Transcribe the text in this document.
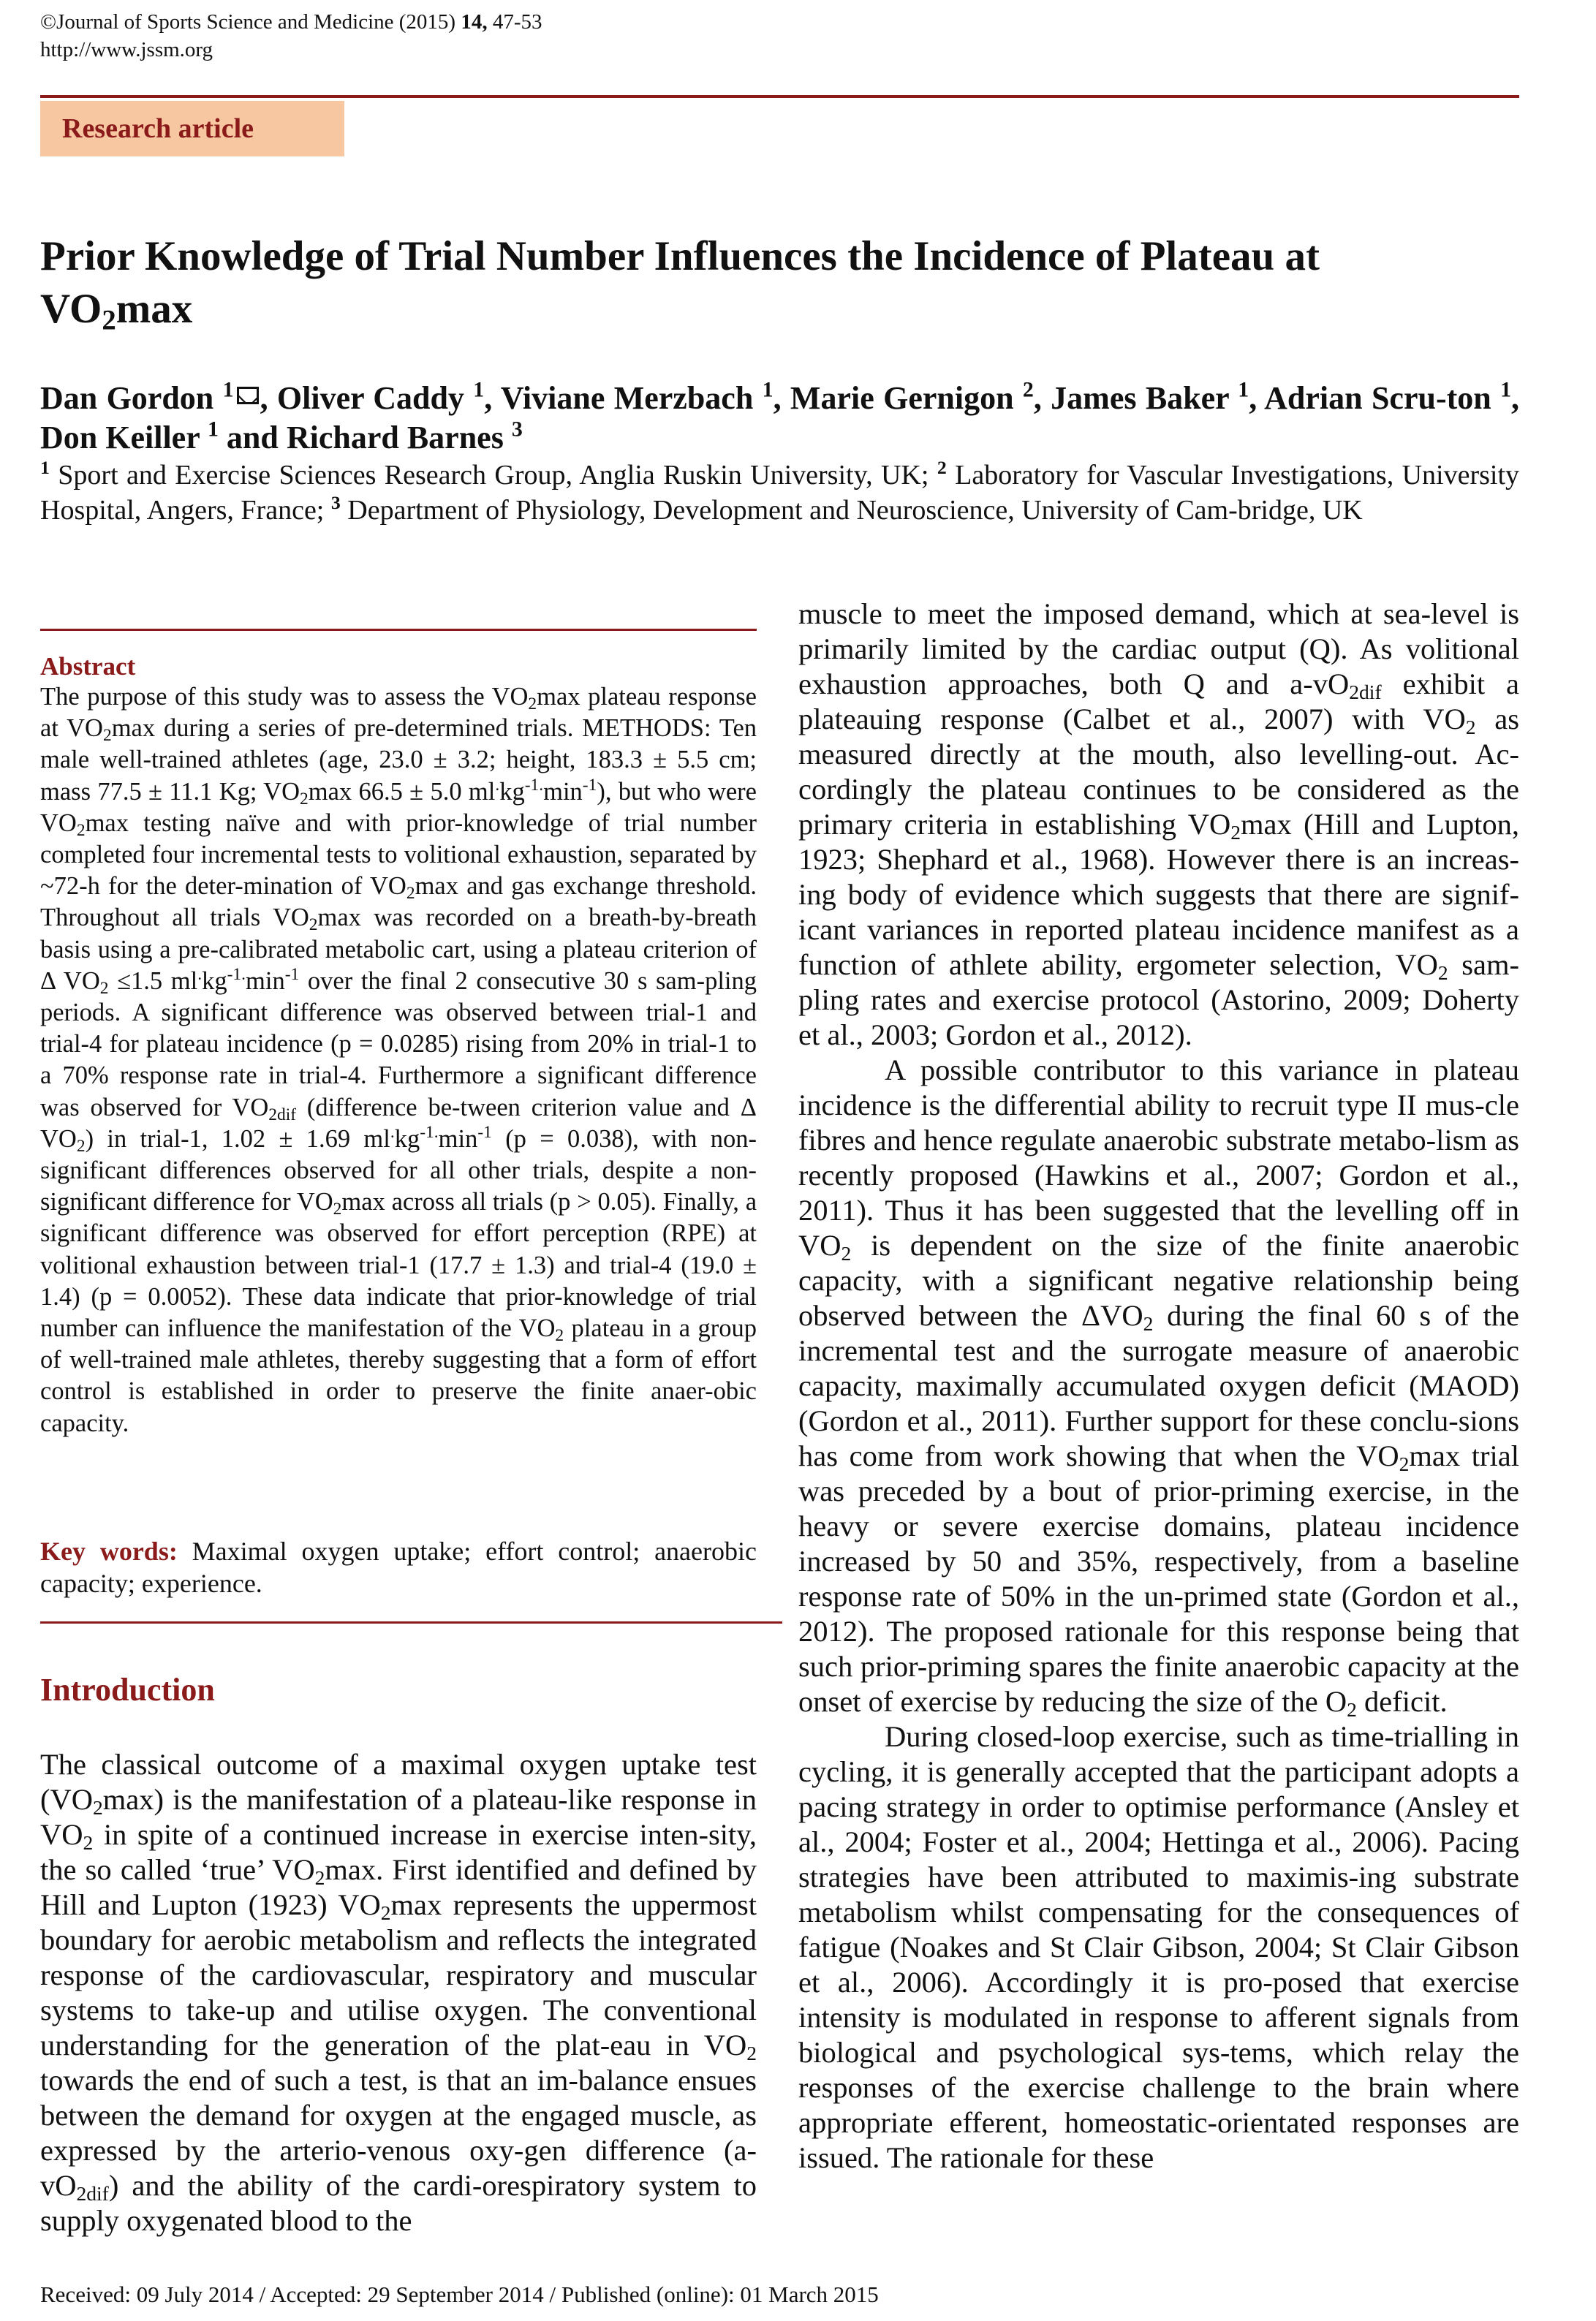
©Journal of Sports Science and Medicine (2015) 14, 47-53
http://www.jssm.org
Research article
Prior Knowledge of Trial Number Influences the Incidence of Plateau at
$VO_2\max$
Dan Gordon $^1$ , Oliver Caddy $^1$, Viviane Merzbach $^1$, Marie Gernigon $^2$, James Baker $^1$, Adrian Scru-ton $^1$, Don Keiller $^1$ and Richard Barnes $^3$
$^1$ Sport and Exercise Sciences Research Group, Anglia Ruskin University, UK; $^2$ Laboratory for Vascular Investigations, University Hospital, Angers, France; $^3$ Department of Physiology, Development and Neuroscience, University of Cam-bridge, UK
Abstract
The purpose of this study was to assess the $VO_2\max$ plateau response at $VO_2\max$ during a series of pre-determined trials. METHODS: Ten male well-trained athletes (age, 23.0 ± 3.2; height, 183.3 ± 5.5 cm; mass 77.5 ± 11.1 Kg; $VO_2\max$ 66.5 ± 5.0 $ml^.kg^{-1.}\min^{-1}$), but who were $VO_2\max$ testing naïve and with prior-knowledge of trial number completed four incremental tests to volitional exhaustion, separated by ~72-h for the deter-mination of $VO_2\max$ and gas exchange threshold. Throughout all trials $VO_2\max$ was recorded on a breath-by-breath basis using a pre-calibrated metabolic cart, using a plateau criterion of Δ $VO_2 \le 1.5$ $ml^.kg^{-1.}\min^{-1}$ over the final 2 consecutive 30 s sam-pling periods. A significant difference was observed between trial-1 and trial-4 for plateau incidence (p = 0.0285) rising from 20% in trial-1 to a 70% response rate in trial-4. Furthermore a significant difference was observed for $VO_{2dif}$ (difference be-tween criterion value and Δ $VO_2$) in trial-1, 1.02 ± 1.69 $ml^.kg^{-1.}\min^{-1}$ (p = 0.038), with non-significant differences observed for all other trials, despite a non-significant difference for $VO_2\max$ across all trials (p > 0.05). Finally, a significant difference was observed for effort perception (RPE) at volitional exhaustion between trial-1 (17.7 ± 1.3) and trial-4 (19.0 ± 1.4) (p = 0.0052). These data indicate that prior-knowledge of trial number can influence the manifestation of the $VO_2$ plateau in a group of well-trained male athletes, thereby suggesting that a form of effort control is established in order to preserve the finite anaer-obic capacity.
Key words: Maximal oxygen uptake; effort control; anaerobic capacity; experience.
Introduction
The classical outcome of a maximal oxygen uptake test $(VO_2\max)$ is the manifestation of a plateau-like response in $VO_2$ in spite of a continued increase in exercise inten-sity, the so called ‘true’ $VO_2\max$. First identified and defined by Hill and Lupton (1923) $VO_2\max$ represents the uppermost boundary for aerobic metabolism and reflects the integrated response of the cardiovascular, respiratory and muscular systems to take-up and utilise oxygen. The conventional understanding for the generation of the plat-eau in $VO_2$ towards the end of such a test, is that an im-balance ensues between the demand for oxygen at the engaged muscle, as expressed by the arterio-venous oxy-gen difference $(a-vO_{2dif})$ and the ability of the cardi-orespiratory system to supply oxygenated blood to the

muscle to meet the imposed demand, which at sea-level is primarily limited by the cardiac output (˙ Q). As volitional exhaustion approaches, both ˙ Q and $a-vO_{2dif}$ exhibit a plateauing response (Calbet et al., 2007) with $VO_2$ as measured directly at the mouth, also levelling-out. Ac-cordingly the plateau continues to be considered as the primary criteria in establishing $VO_2\max$ (Hill and Lupton, 1923; Shephard et al., 1968). However there is an increas-ing body of evidence which suggests that there are signif-icant variances in reported plateau incidence manifest as a function of athlete ability, ergometer selection, $VO_2$ sam-pling rates and exercise protocol (Astorino, 2009; Doherty et al., 2003; Gordon et al., 2012).

A possible contributor to this variance in plateau incidence is the differential ability to recruit type II mus-cle fibres and hence regulate anaerobic substrate metabo-lism as recently proposed (Hawkins et al., 2007; Gordon et al., 2011). Thus it has been suggested that the levelling off in $VO_2$ is dependent on the size of the finite anaerobic capacity, with a significant negative relationship being observed between the $\Delta VO_2$ during the final 60 s of the incremental test and the surrogate measure of anaerobic capacity, maximally accumulated oxygen deficit (MAOD) (Gordon et al., 2011). Further support for these conclu-sions has come from work showing that when the $VO_2\max$ trial was preceded by a bout of prior-priming exercise, in the heavy or severe exercise domains, plateau incidence increased by 50 and 35%, respectively, from a baseline response rate of 50% in the un-primed state (Gordon et al., 2012). The proposed rationale for this response being that such prior-priming spares the finite anaerobic capacity at the onset of exercise by reducing the size of the $O_2$ deficit.

During closed-loop exercise, such as time-trialling in cycling, it is generally accepted that the participant adopts a pacing strategy in order to optimise performance (Ansley et al., 2004; Foster et al., 2004; Hettinga et al., 2006). Pacing strategies have been attributed to maximis-ing substrate metabolism whilst compensating for the consequences of fatigue (Noakes and St Clair Gibson, 2004; St Clair Gibson et al., 2006). Accordingly it is pro-posed that exercise intensity is modulated in response to afferent signals from biological and psychological sys-tems, which relay the responses of the exercise challenge to the brain where appropriate efferent, homeostatic-orientated responses are issued. The rationale for these

Received: 09 July 2014 / Accepted: 29 September 2014 / Published (online): 01 March 2015
